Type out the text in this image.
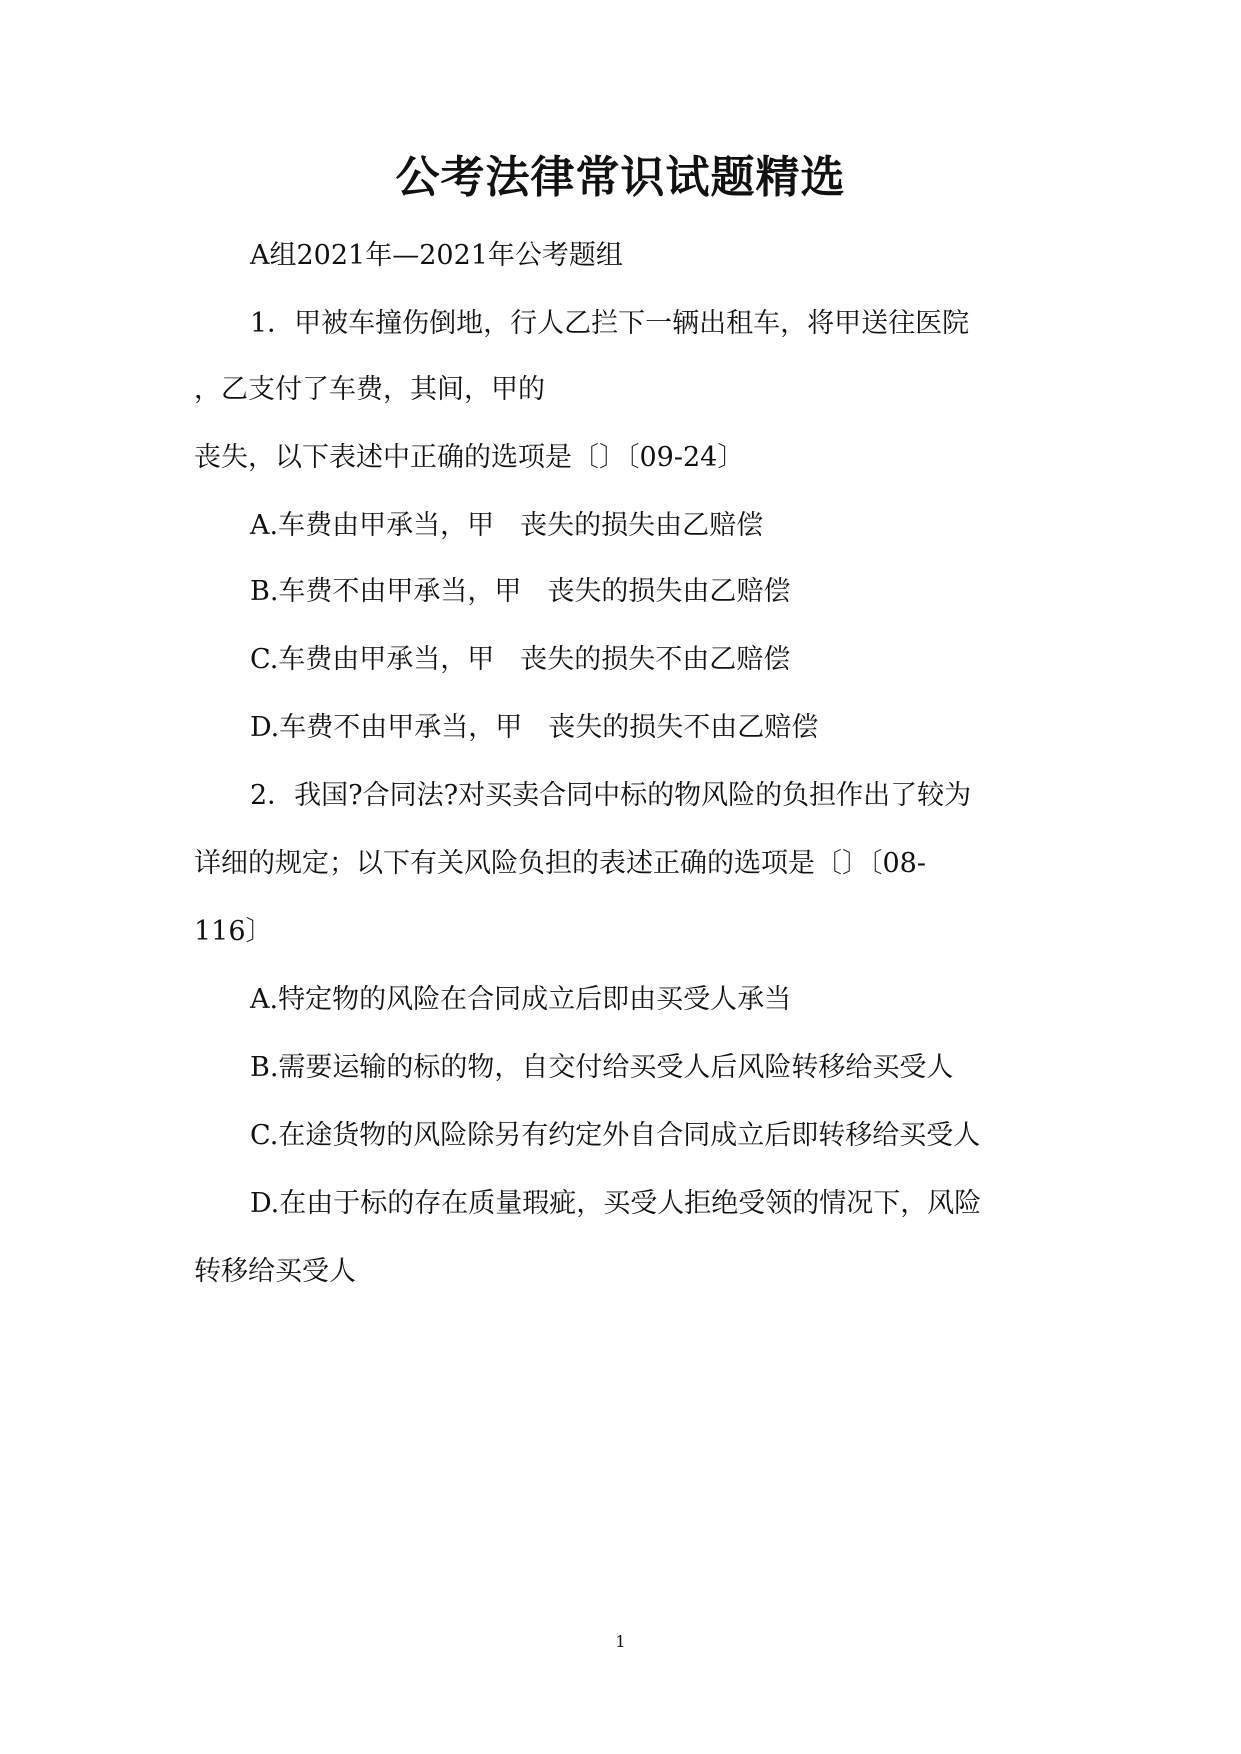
公考法律常识试题精选
A组2021年—2021年公考题组
1．甲被车撞伤倒地，行人乙拦下一辆出租车，将甲送往医院
，乙支付了车费，其间，甲的
丧失，以下表述中正确的选项是〔〕〔09-24〕
A.车费由甲承当，甲 丧失的损失由乙赔偿
B.车费不由甲承当，甲 丧失的损失由乙赔偿
C.车费由甲承当，甲 丧失的损失不由乙赔偿
D.车费不由甲承当，甲 丧失的损失不由乙赔偿
2．我国?合同法?对买卖合同中标的物风险的负担作出了较为
详细的规定；以下有关风险负担的表述正确的选项是〔〕〔08-
116〕
A.特定物的风险在合同成立后即由买受人承当
B.需要运输的标的物，自交付给买受人后风险转移给买受人
C.在途货物的风险除另有约定外自合同成立后即转移给买受人
D.在由于标的存在质量瑕疵，买受人拒绝受领的情况下，风险
转移给买受人
1
